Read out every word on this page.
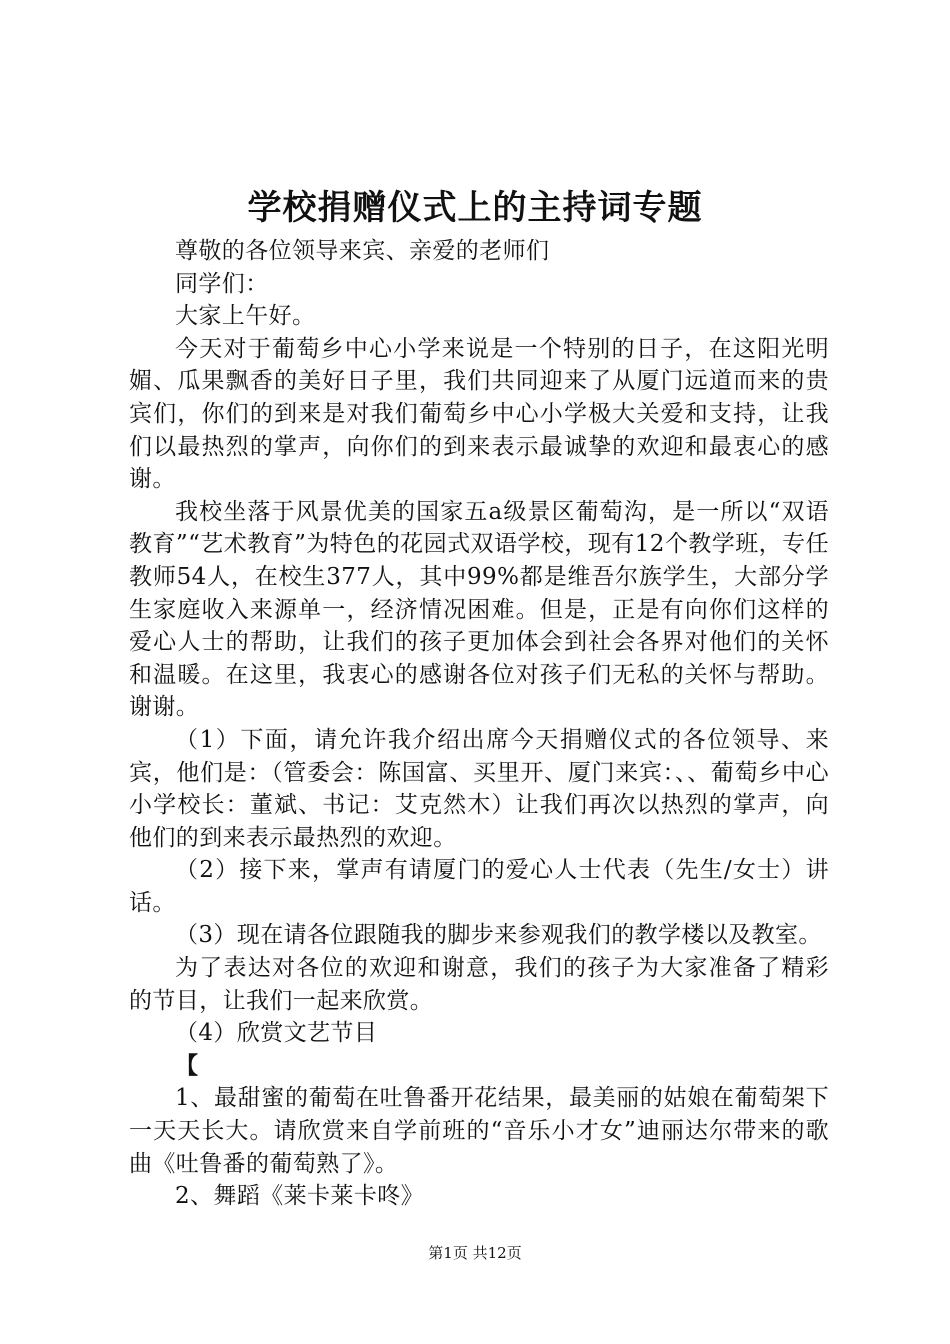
学校捐赠仪式上的主持词专题

尊敬的各位领导来宾、亲爱的老师们

同学们：

大家上午好。

今天对于葡萄乡中心小学来说是一个特别的日子，在这阳光明媚、瓜果飘香的美好日子里，我们共同迎来了从厦门远道而来的贵宾们，你们的到来是对我们葡萄乡中心小学极大关爱和支持，让我们以最热烈的掌声，向你们的到来表示最诚挚的欢迎和最衷心的感谢。

我校坐落于风景优美的国家五a级景区葡萄沟，是一所以“双语教育”“艺术教育”为特色的花园式双语学校，现有12个教学班，专任教师54人，在校生377人，其中99%都是维吾尔族学生，大部分学生家庭收入来源单一，经济情况困难。但是，正是有向你们这样的爱心人士的帮助，让我们的孩子更加体会到社会各界对他们的关怀和温暖。在这里，我衷心的感谢各位对孩子们无私的关怀与帮助。谢谢。

（1）下面，请允许我介绍出席今天捐赠仪式的各位领导、来宾，他们是：（管委会：陈国富、买里开、厦门来宾：、、葡萄乡中心小学校长：董斌、书记：艾克然木）让我们再次以热烈的掌声，向他们的到来表示最热烈的欢迎。

（2）接下来，掌声有请厦门的爱心人士代表（先生/女士）讲话。

（3）现在请各位跟随我的脚步来参观我们的教学楼以及教室。

为了表达对各位的欢迎和谢意，我们的孩子为大家准备了精彩的节目，让我们一起来欣赏。

（4）欣赏文艺节目

【

1、最甜蜜的葡萄在吐鲁番开花结果，最美丽的姑娘在葡萄架下一天天长大。请欣赏来自学前班的“音乐小才女”迪丽达尔带来的歌曲《吐鲁番的葡萄熟了》。

2、舞蹈《莱卡莱卡咚》

第1页 共12页
